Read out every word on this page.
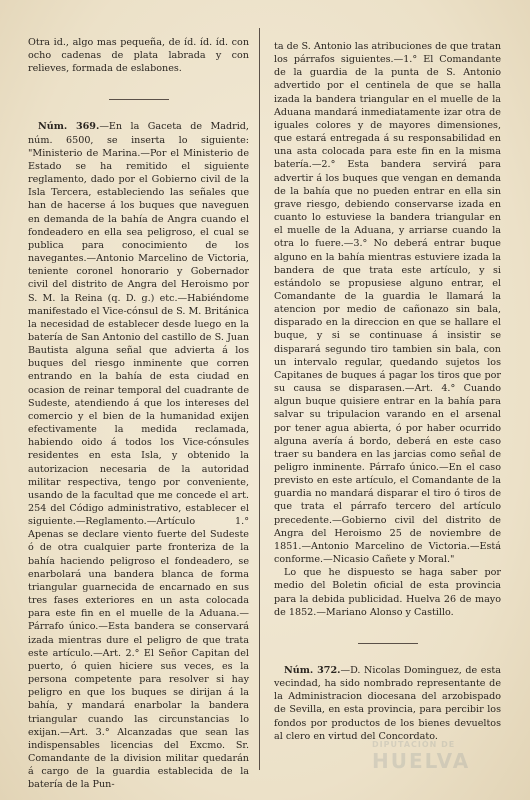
Otra id., algo mas pequeña, de íd. íd. íd. con ocho cadenas de plata labrada y con relieves, formada de eslabones.

Núm. 369.—En la Gaceta de Madrid, núm. 6500, se inserta lo siguiente: "Ministerio de Marina.—Por el Ministerio de Estado se ha remitido el siguiente reglamento, dado por el Gobierno civil de la Isla Tercera, estableciendo las señales que han de hacerse á los buques que naveguen en demanda de la bahía de Angra cuando el fondeadero en ella sea peligroso, el cual se publica para conocimiento de los navegantes.—Antonio Marcelino de Victoria, teniente coronel honorario y Gobernador civil del distrito de Angra del Heroismo por S. M. la Reina (q. D. g.) etc.—Habiéndome manifestado el Vice-cónsul de S. M. Británica la necesidad de establecer desde luego en la batería de San Antonio del castillo de S. Juan Bautista alguna señal que advierta á los buques del riesgo inminente que corren entrando en la bahía de esta ciudad en ocasion de reinar temporal del cuadrante de Sudeste, atendiendo á que los intereses del comercio y el bien de la humanidad exijen efectivamente la medida reclamada, habiendo oido á todos los Vice-cónsules residentes en esta Isla, y obtenido la autorizacion necesaria de la autoridad militar respectiva, tengo por conveniente, usando de la facultad que me concede el art. 254 del Código administrativo, establecer el siguiente.—Reglamento.—Artículo 1.° Apenas se declare viento fuerte del Sudeste ó de otra cualquier parte fronteriza de la bahía haciendo peligroso el fondeadero, se enarbolará una bandera blanca de forma triangular guarnecida de encarnado en sus tres fases exteriores en un asta colocada para este fin en el muelle de la Aduana.—Párrafo único.—Esta bandera se conservará izada mientras dure el peligro de que trata este artículo.—Art. 2.° El Señor Capitan del puerto, ó quien hiciere sus veces, es la persona competente para resolver si hay peligro en que los buques se dirijan á la bahía, y mandará enarbolar la bandera triangular cuando las circunstancias lo exijan.—Art. 3.° Alcanzadas que sean las indispensables licencias del Excmo. Sr. Comandante de la division militar quedarán á cargo de la guardia establecida de la batería de la Pun-

ta de S. Antonio las atribuciones de que tratan los párrafos siguientes.—1.° El Comandante de la guardia de la punta de S. Antonio advertido por el centinela de que se halla izada la bandera triangular en el muelle de la Aduana mandará inmediatamente izar otra de iguales colores y de mayores dimensiones, que estará entregada á su responsabilidad en una asta colocada para este fin en la misma batería.—2.° Esta bandera servirá para advertir á los buques que vengan en demanda de la bahía que no pueden entrar en ella sin grave riesgo, debiendo conservarse izada en cuanto lo estuviese la bandera triangular en el muelle de la Aduana, y arriarse cuando la otra lo fuere.—3.° No deberá entrar buque alguno en la bahía mientras estuviere izada la bandera de que trata este artículo, y si estándolo se propusiese alguno entrar, el Comandante de la guardia le llamará la atencion por medio de cañonazo sin bala, disparado en la direccion en que se hallare el buque, y si se continuase á insistir se disparará segundo tiro tambien sin bala, con un intervalo regular, quedando sujetos los Capitanes de buques á pagar los tiros que por su causa se disparasen.—Art. 4.° Cuando algun buque quisiere entrar en la bahía para salvar su tripulacion varando en el arsenal por tener agua abierta, ó por haber ocurrido alguna avería á bordo, deberá en este caso traer su bandera en las jarcias como señal de peligro inminente. Párrafo único.—En el caso previsto en este artículo, el Comandante de la guardia no mandará disparar el tiro ó tiros de que trata el párrafo tercero del artículo precedente.—Gobierno civil del distrito de Angra del Heroismo 25 de noviembre de 1851.—Antonio Marcelino de Victoria.—Está conforme.—Nicasio Cañete y Moral."

Lo que he dispuesto se haga saber por medio del Boletin oficial de esta provincia para la debida publicidad. Huelva 26 de mayo de 1852.—Mariano Alonso y Castillo.

Núm. 372.—D. Nicolas Dominguez, de esta vecindad, ha sido nombrado representante de la Administracion diocesana del arzobispado de Sevilla, en esta provincia, para percibir los fondos por productos de los bienes devueltos al clero en virtud del Concordato.

DIPUTACIÓN DE
HUELVA
